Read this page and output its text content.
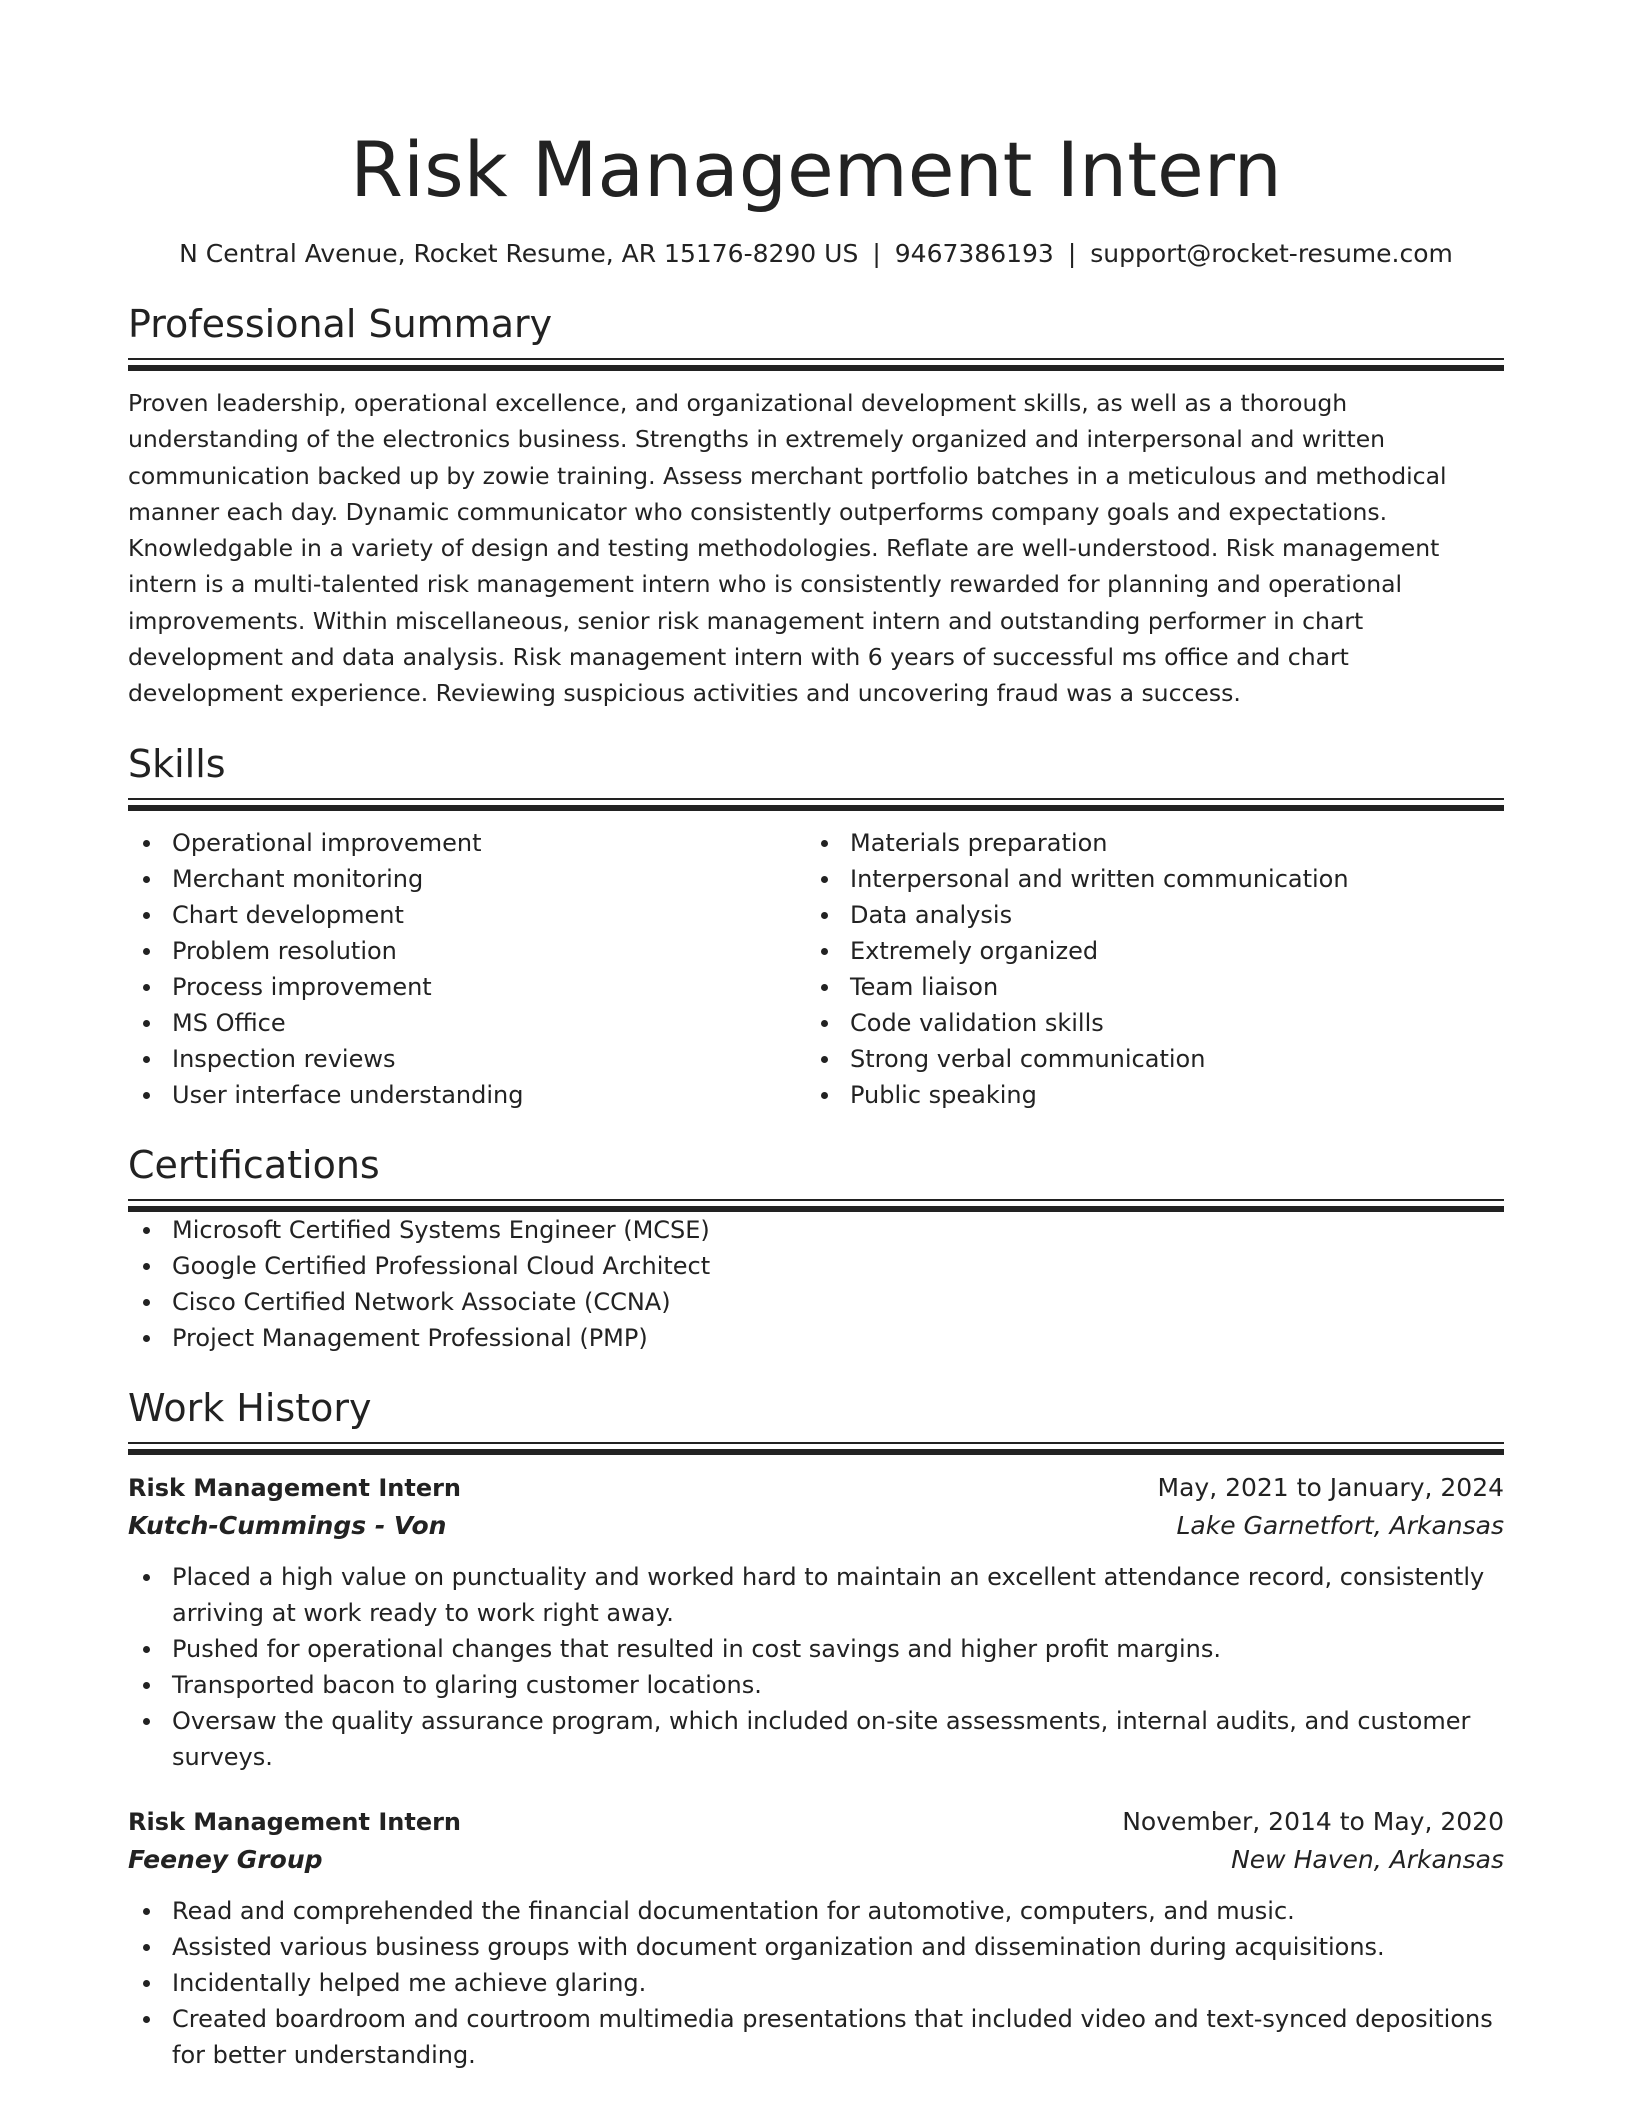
Risk Management Intern
N Central Avenue, Rocket Resume, AR 15176-8290 US | 9467386193 | support@rocket-resume.com
Professional Summary

Proven leadership, operational excellence, and organizational development skills, as well as a thorough understanding of the electronics business. Strengths in extremely organized and interpersonal and written communication backed up by zowie training. Assess merchant portfolio batches in a meticulous and methodical manner each day. Dynamic communicator who consistently outperforms company goals and expectations. Knowledgable in a variety of design and testing methodologies. Reflate are well-understood. Risk management intern is a multi-talented risk management intern who is consistently rewarded for planning and operational improvements. Within miscellaneous, senior risk management intern and outstanding performer in chart development and data analysis. Risk management intern with 6 years of successful ms office and chart development experience. Reviewing suspicious activities and uncovering fraud was a success.

Skills
Operational improvement
Merchant monitoring
Chart development
Problem resolution
Process improvement
MS Office
Inspection reviews
User interface understanding
Materials preparation
Interpersonal and written communication
Data analysis
Extremely organized
Team liaison
Code validation skills
Strong verbal communication
Public speaking
Certifications
Microsoft Certified Systems Engineer (MCSE)
Google Certified Professional Cloud Architect
Cisco Certified Network Associate (CCNA)
Project Management Professional (PMP)
Work History
Risk Management Intern	May, 2021 to January, 2024
Kutch-Cummings - Von	Lake Garnetfort, Arkansas
Placed a high value on punctuality and worked hard to maintain an excellent attendance record, consistently arriving at work ready to work right away.
Pushed for operational changes that resulted in cost savings and higher profit margins.
Transported bacon to glaring customer locations.
Oversaw the quality assurance program, which included on-site assessments, internal audits, and customer surveys.
Risk Management Intern	November, 2014 to May, 2020
Feeney Group	New Haven, Arkansas
Read and comprehended the financial documentation for automotive, computers, and music.
Assisted various business groups with document organization and dissemination during acquisitions.
Incidentally helped me achieve glaring.
Created boardroom and courtroom multimedia presentations that included video and text-synced depositions for better understanding.
